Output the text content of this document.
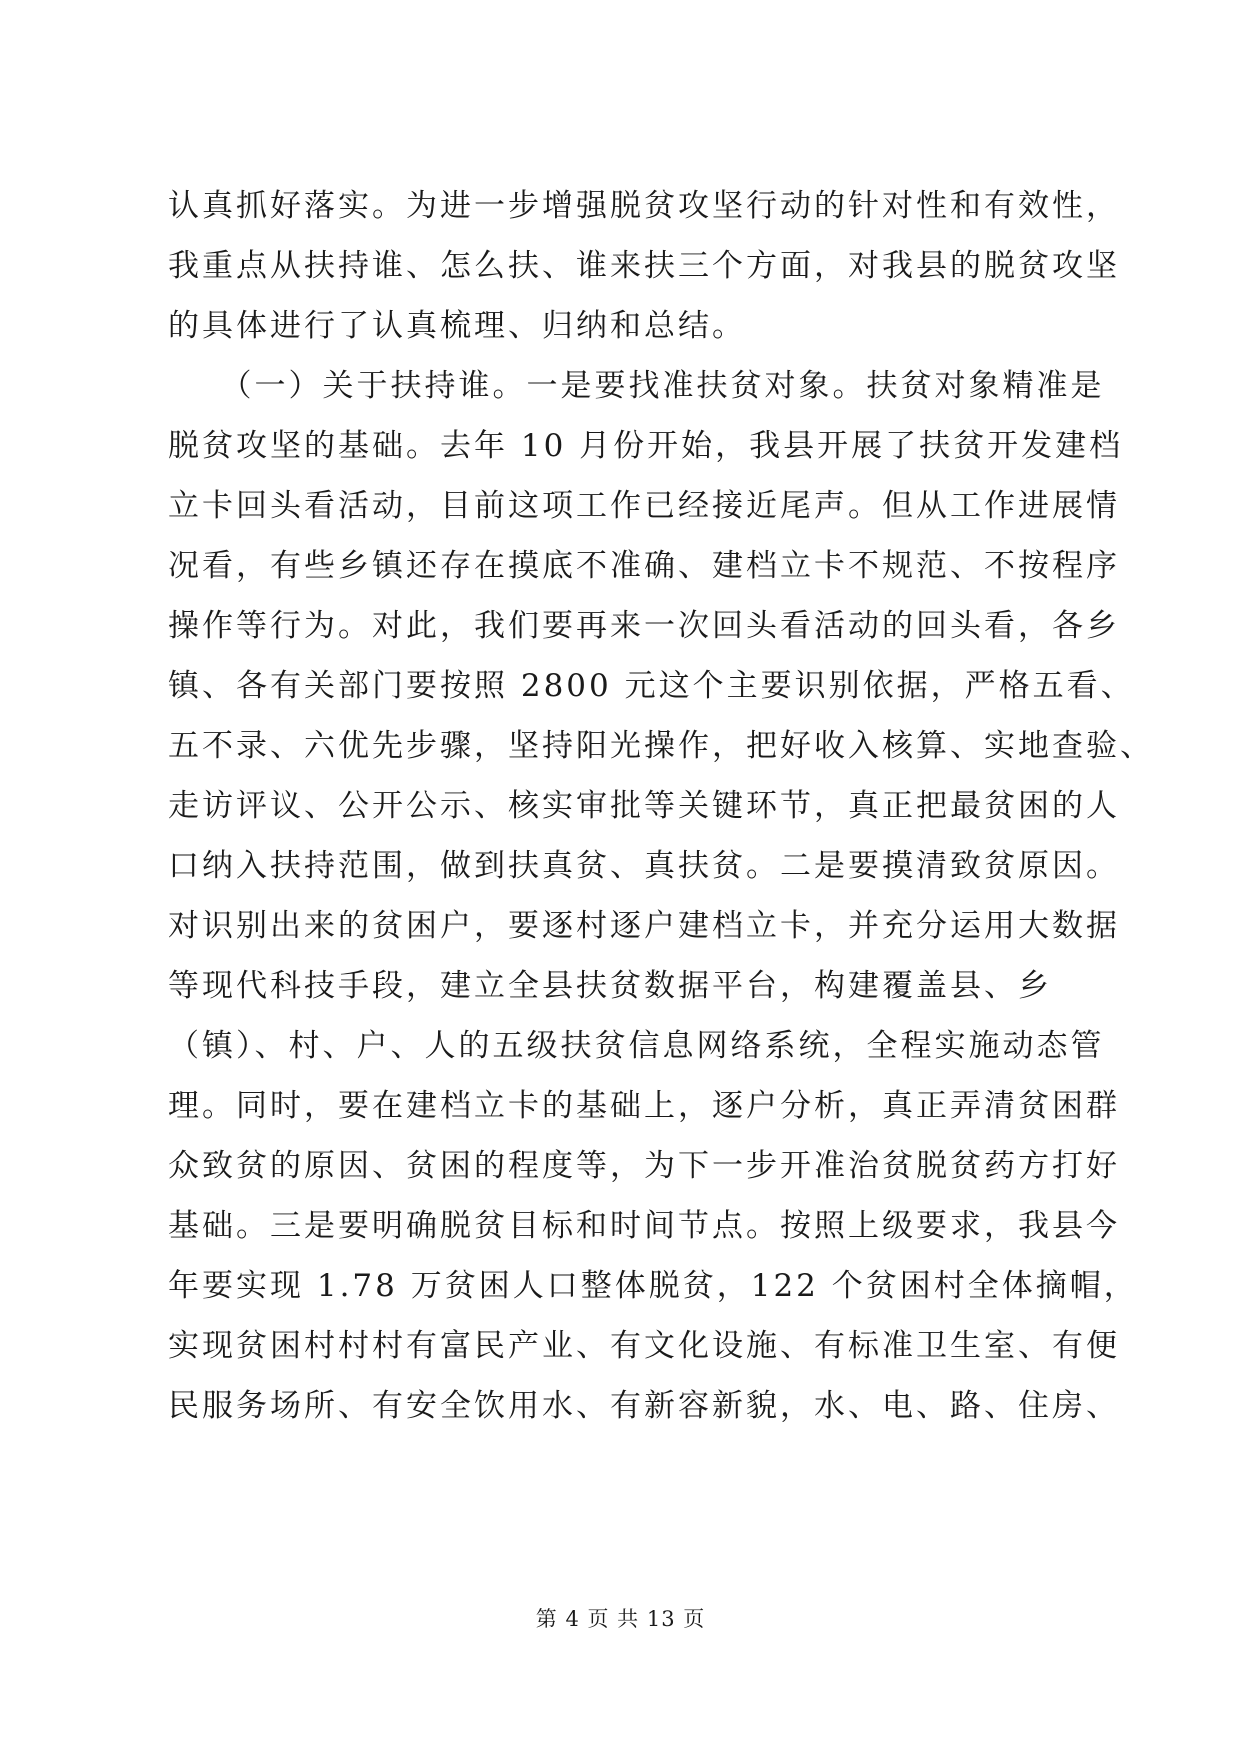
认真抓好落实。为进一步增强脱贫攻坚行动的针对性和有效性，
我重点从扶持谁、怎么扶、谁来扶三个方面，对我县的脱贫攻坚
的具体进行了认真梳理、归纳和总结。
　　（一）关于扶持谁。一是要找准扶贫对象。扶贫对象精准是
脱贫攻坚的基础。去年 10 月份开始，我县开展了扶贫开发建档
立卡回头看活动，目前这项工作已经接近尾声。但从工作进展情
况看，有些乡镇还存在摸底不准确、建档立卡不规范、不按程序
操作等行为。对此，我们要再来一次回头看活动的回头看，各乡
镇、各有关部门要按照 2800 元这个主要识别依据，严格五看、
五不录、六优先步骤，坚持阳光操作，把好收入核算、实地查验、
走访评议、公开公示、核实审批等关键环节，真正把最贫困的人
口纳入扶持范围，做到扶真贫、真扶贫。二是要摸清致贫原因。
对识别出来的贫困户，要逐村逐户建档立卡，并充分运用大数据
等现代科技手段，建立全县扶贫数据平台，构建覆盖县、乡
（镇）、村、户、人的五级扶贫信息网络系统，全程实施动态管
理。同时，要在建档立卡的基础上，逐户分析，真正弄清贫困群
众致贫的原因、贫困的程度等，为下一步开准治贫脱贫药方打好
基础。三是要明确脱贫目标和时间节点。按照上级要求，我县今
年要实现 1.78 万贫困人口整体脱贫，122 个贫困村全体摘帽，
实现贫困村村村有富民产业、有文化设施、有标准卫生室、有便
民服务场所、有安全饮用水、有新容新貌，水、电、路、住房、
第 4 页 共 13 页
